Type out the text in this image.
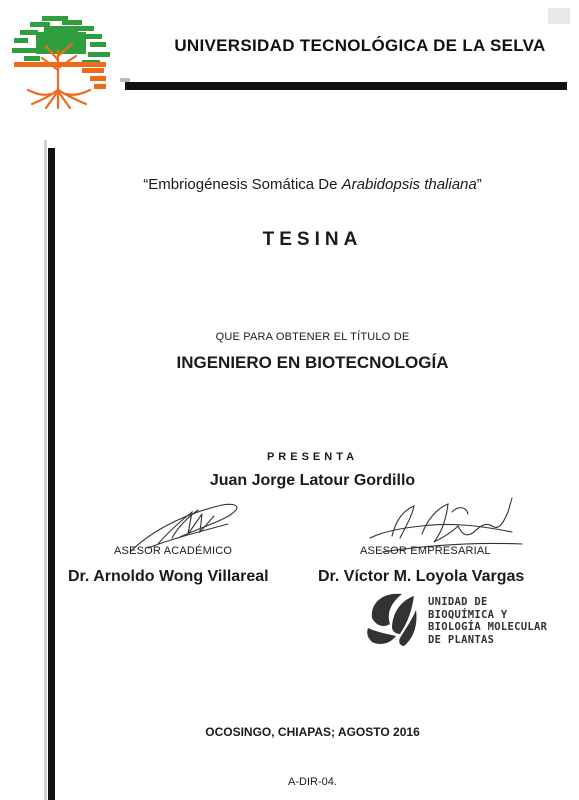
UNIVERSIDAD TECNOLÓGICA DE LA SELVA
“Embriogénesis Somática De Arabidopsis thaliana”
TESINA
QUE PARA OBTENER EL TÍTULO DE
INGENIERO EN BIOTECNOLOGÍA
PRESENTA
Juan Jorge Latour Gordillo
ASESOR ACADÉMICO
Dr. Arnoldo Wong Villareal
ASESOR EMPRESARIAL
Dr. Víctor M. Loyola Vargas
UNIDAD DE
BIOQUÍMICA Y
BIOLOGÍA MOLECULAR
DE PLANTAS
OCOSINGO, CHIAPAS; AGOSTO 2016
A-DIR-04.
